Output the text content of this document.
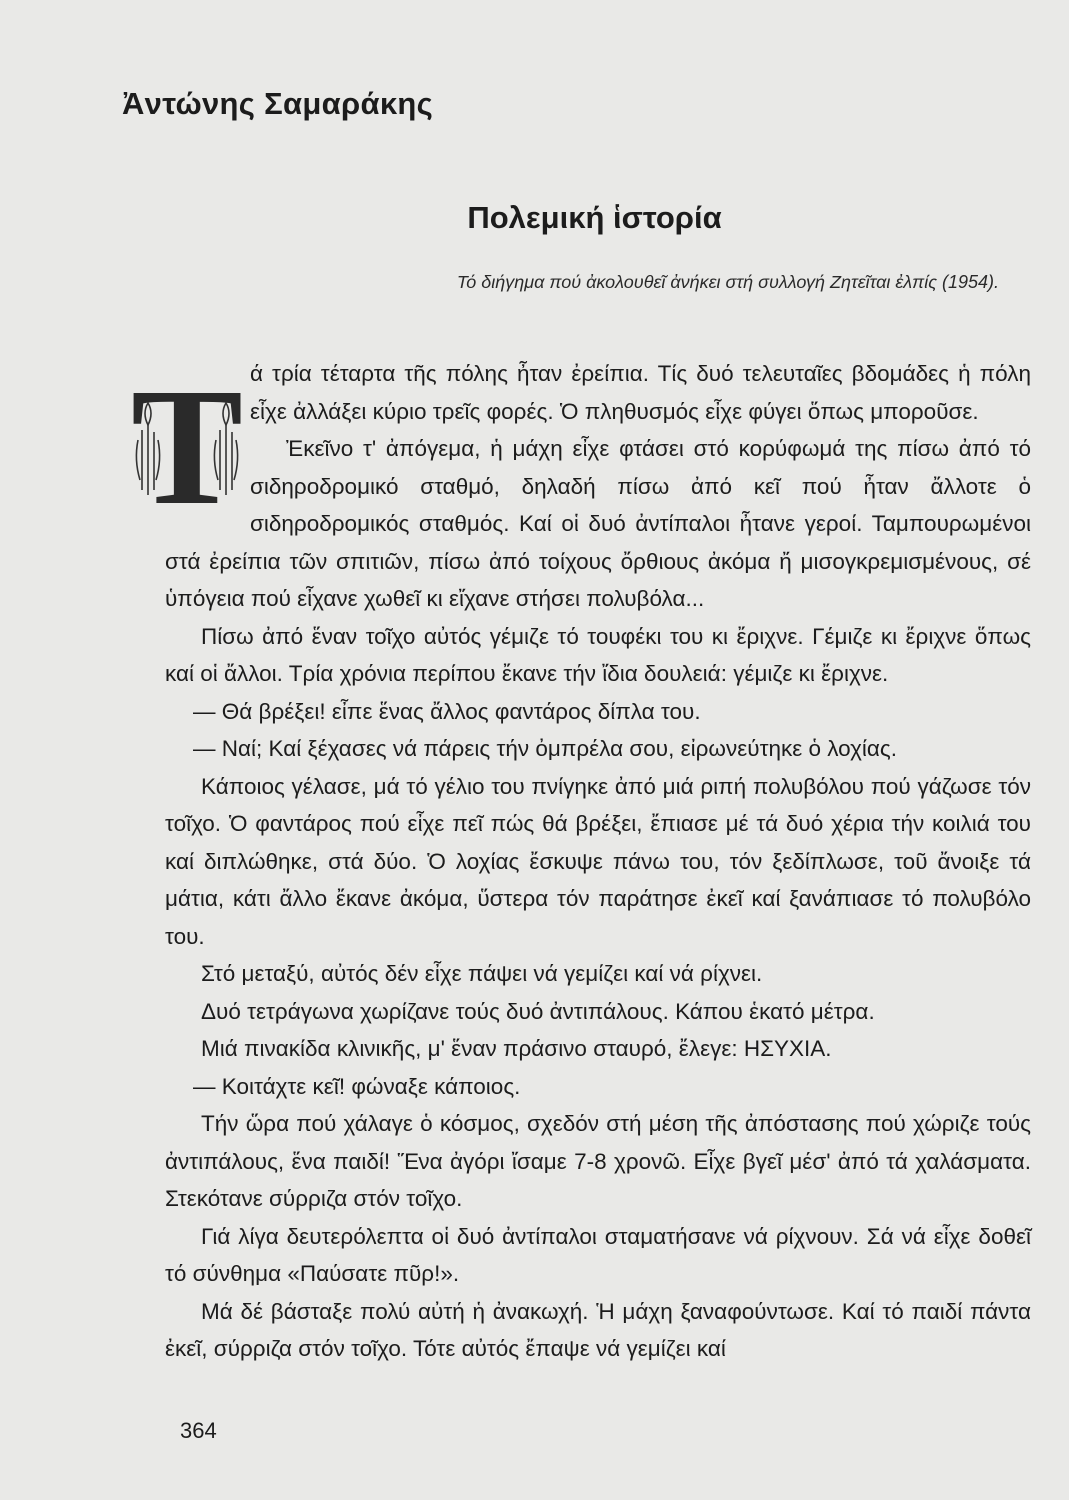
Ἀντώνης Σαμαράκης
Πολεμική ἱστορία
Τό διήγημα πού ἀκολουθεῖ ἀνήκει στή συλλογή Ζητεῖται ἐλπίς (1954).
Τ ά τρία τέταρτα τῆς πόλης ἦταν ἐρείπια. Τίς δυό τελευταῖες βδομάδες ἡ πόλη εἶχε ἀλλάξει κύριο τρεῖς φορές. Ὁ πληθυσμός εἶχε φύγει ὅπως μποροῦσε.

Ἐκεῖνο τ' ἀπόγεμα, ἡ μάχη εἶχε φτάσει στό κορύφωμά της πίσω ἀπό τό σιδηροδρομικό σταθμό, δηλαδή πίσω ἀπό κεῖ πού ἦταν ἄλλοτε ὁ σιδηροδρομικός σταθμός. Καί οἱ δυό ἀντίπαλοι ἦτανε γεροί. Ταμπουρωμένοι στά ἐρείπια τῶν σπιτιῶν, πίσω ἀπό τοίχους ὄρθιους ἀκόμα ἤ μισογκρεμισμένους, σέ ὑπόγεια πού εἶχανε χωθεῖ κι εἴχανε στήσει πολυβόλα...

Πίσω ἀπό ἕναν τοῖχο αὐτός γέμιζε τό τουφέκι του κι ἔριχνε. Γέμιζε κι ἔριχνε ὅπως καί οἱ ἄλλοι. Τρία χρόνια περίπου ἔκανε τήν ἴδια δουλειά: γέμιζε κι ἔριχνε.

— Θά βρέξει! εἶπε ἕνας ἄλλος φαντάρος δίπλα του.

— Ναί; Καί ξέχασες νά πάρεις τήν ὀμπρέλα σου, εἰρωνεύτηκε ὁ λοχίας.

Κάποιος γέλασε, μά τό γέλιο του πνίγηκε ἀπό μιά ριπή πολυβόλου πού γάζωσε τόν τοῖχο. Ὁ φαντάρος πού εἶχε πεῖ πώς θά βρέξει, ἔπιασε μέ τά δυό χέρια τήν κοιλιά του καί διπλώθηκε, στά δύο. Ὁ λοχίας ἔσκυψε πάνω του, τόν ξεδίπλωσε, τοῦ ἄνοιξε τά μάτια, κάτι ἄλλο ἔκανε ἀκόμα, ὕστερα τόν παράτησε ἐκεῖ καί ξανάπιασε τό πολυβόλο του.

Στό μεταξύ, αὐτός δέν εἶχε πάψει νά γεμίζει καί νά ρίχνει.

Δυό τετράγωνα χωρίζανε τούς δυό ἀντιπάλους. Κάπου ἑκατό μέτρα.

Μιά πινακίδα κλινικῆς, μ' ἕναν πράσινο σταυρό, ἔλεγε: ΗΣΥΧΙΑ.

— Κοιτάχτε κεῖ! φώναξε κάποιος.

Τήν ὥρα πού χάλαγε ὁ κόσμος, σχεδόν στή μέση τῆς ἀπόστασης πού χώριζε τούς ἀντιπάλους, ἕνα παιδί! Ἕνα ἀγόρι ἴσαμε 7-8 χρονῶ. Εἶχε βγεῖ μέσ' ἀπό τά χαλάσματα. Στεκότανε σύρριζα στόν τοῖχο.

Γιά λίγα δευτερόλεπτα οἱ δυό ἀντίπαλοι σταματήσανε νά ρίχνουν. Σά νά εἶχε δοθεῖ τό σύνθημα «Παύσατε πῦρ!».

Μά δέ βάσταξε πολύ αὐτή ἡ ἀνακωχή. Ἡ μάχη ξαναφούντωσε. Καί τό παιδί πάντα ἐκεῖ, σύρριζα στόν τοῖχο. Τότε αὐτός ἔπαψε νά γεμίζει καί

364
